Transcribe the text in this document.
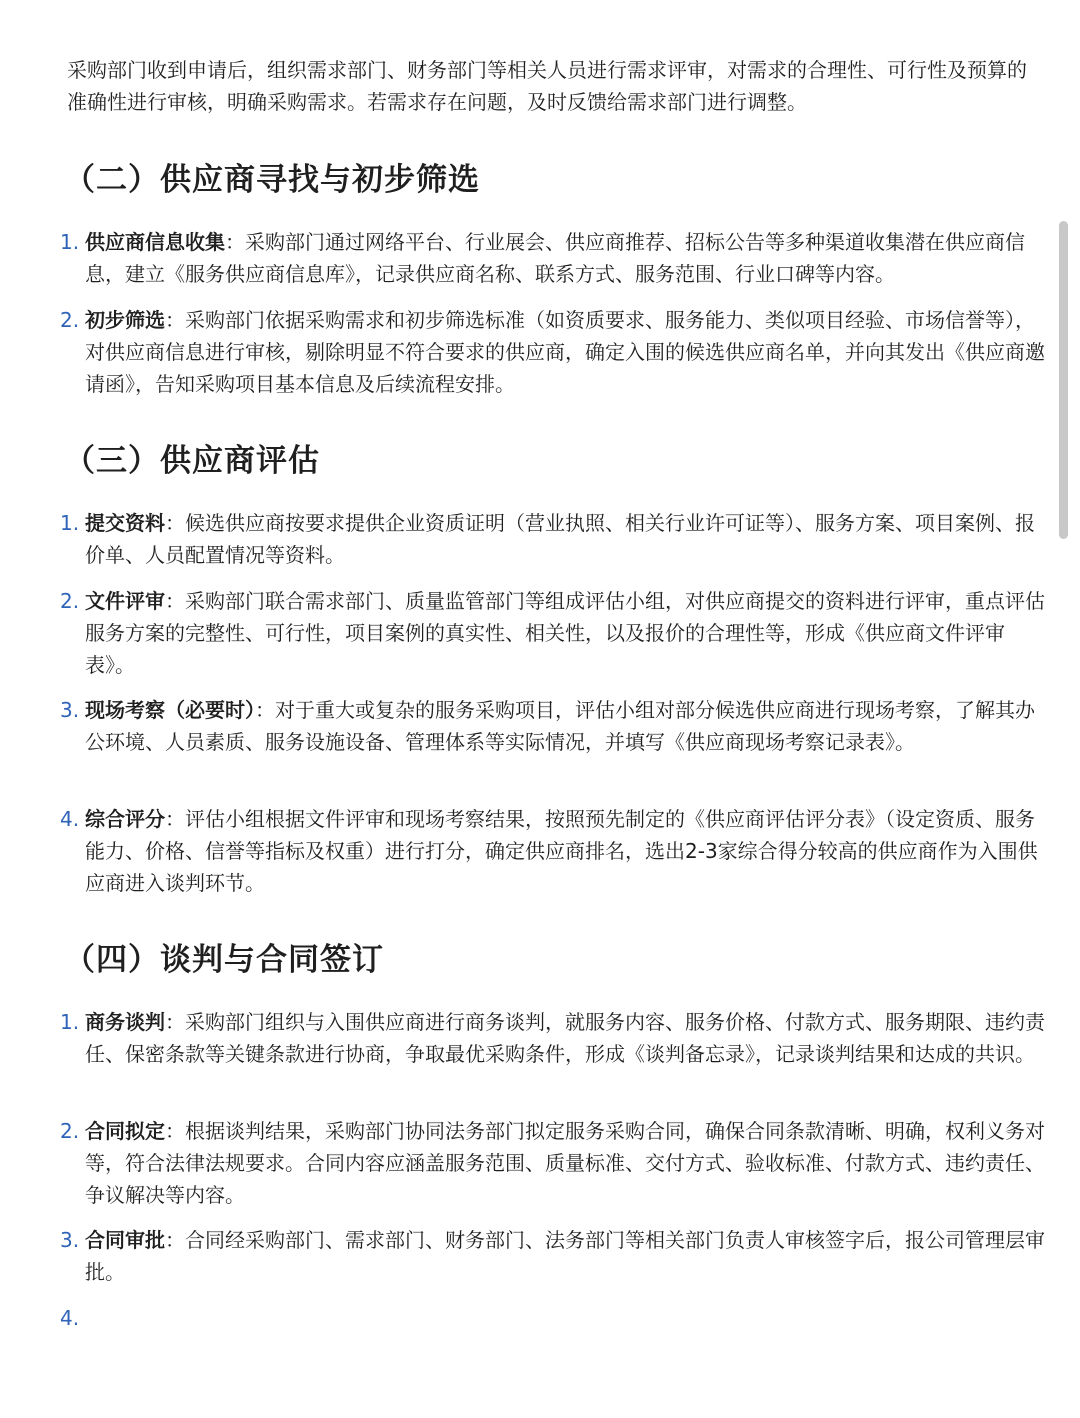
采购部门收到申请后，组织需求部门、财务部门等相关人员进行需求评审，对需求的合理性、可行性及预算的准确性进行审核，明确采购需求。若需求存在问题，及时反馈给需求部门进行调整。

（二）供应商寻找与初步筛选
1. 供应商信息收集：采购部门通过网络平台、行业展会、供应商推荐、招标公告等多种渠道收集潜在供应商信息，建立《服务供应商信息库》，记录供应商名称、联系方式、服务范围、行业口碑等内容。
2. 初步筛选：采购部门依据采购需求和初步筛选标准（如资质要求、服务能力、类似项目经验、市场信誉等），对供应商信息进行审核，剔除明显不符合要求的供应商，确定入围的候选供应商名单，并向其发出《供应商邀请函》，告知采购项目基本信息及后续流程安排。
（三）供应商评估
1. 提交资料：候选供应商按要求提供企业资质证明（营业执照、相关行业许可证等）、服务方案、项目案例、报价单、人员配置情况等资料。
2. 文件评审：采购部门联合需求部门、质量监管部门等组成评估小组，对供应商提交的资料进行评审，重点评估服务方案的完整性、可行性，项目案例的真实性、相关性，以及报价的合理性等，形成《供应商文件评审表》。
3. 现场考察（必要时）：对于重大或复杂的服务采购项目，评估小组对部分候选供应商进行现场考察，了解其办公环境、人员素质、服务设施设备、管理体系等实际情况，并填写《供应商现场考察记录表》。
4. 综合评分：评估小组根据文件评审和现场考察结果，按照预先制定的《供应商评估评分表》（设定资质、服务能力、价格、信誉等指标及权重）进行打分，确定供应商排名，选出2-3家综合得分较高的供应商作为入围供应商进入谈判环节。
（四）谈判与合同签订
1. 商务谈判：采购部门组织与入围供应商进行商务谈判，就服务内容、服务价格、付款方式、服务期限、违约责任、保密条款等关键条款进行协商，争取最优采购条件，形成《谈判备忘录》，记录谈判结果和达成的共识。
2. 合同拟定：根据谈判结果，采购部门协同法务部门拟定服务采购合同，确保合同条款清晰、明确，权利义务对等，符合法律法规要求。合同内容应涵盖服务范围、质量标准、交付方式、验收标准、付款方式、违约责任、争议解决等内容。
3. 合同审批：合同经采购部门、需求部门、财务部门、法务部门等相关部门负责人审核签字后，报公司管理层审批。
4.
